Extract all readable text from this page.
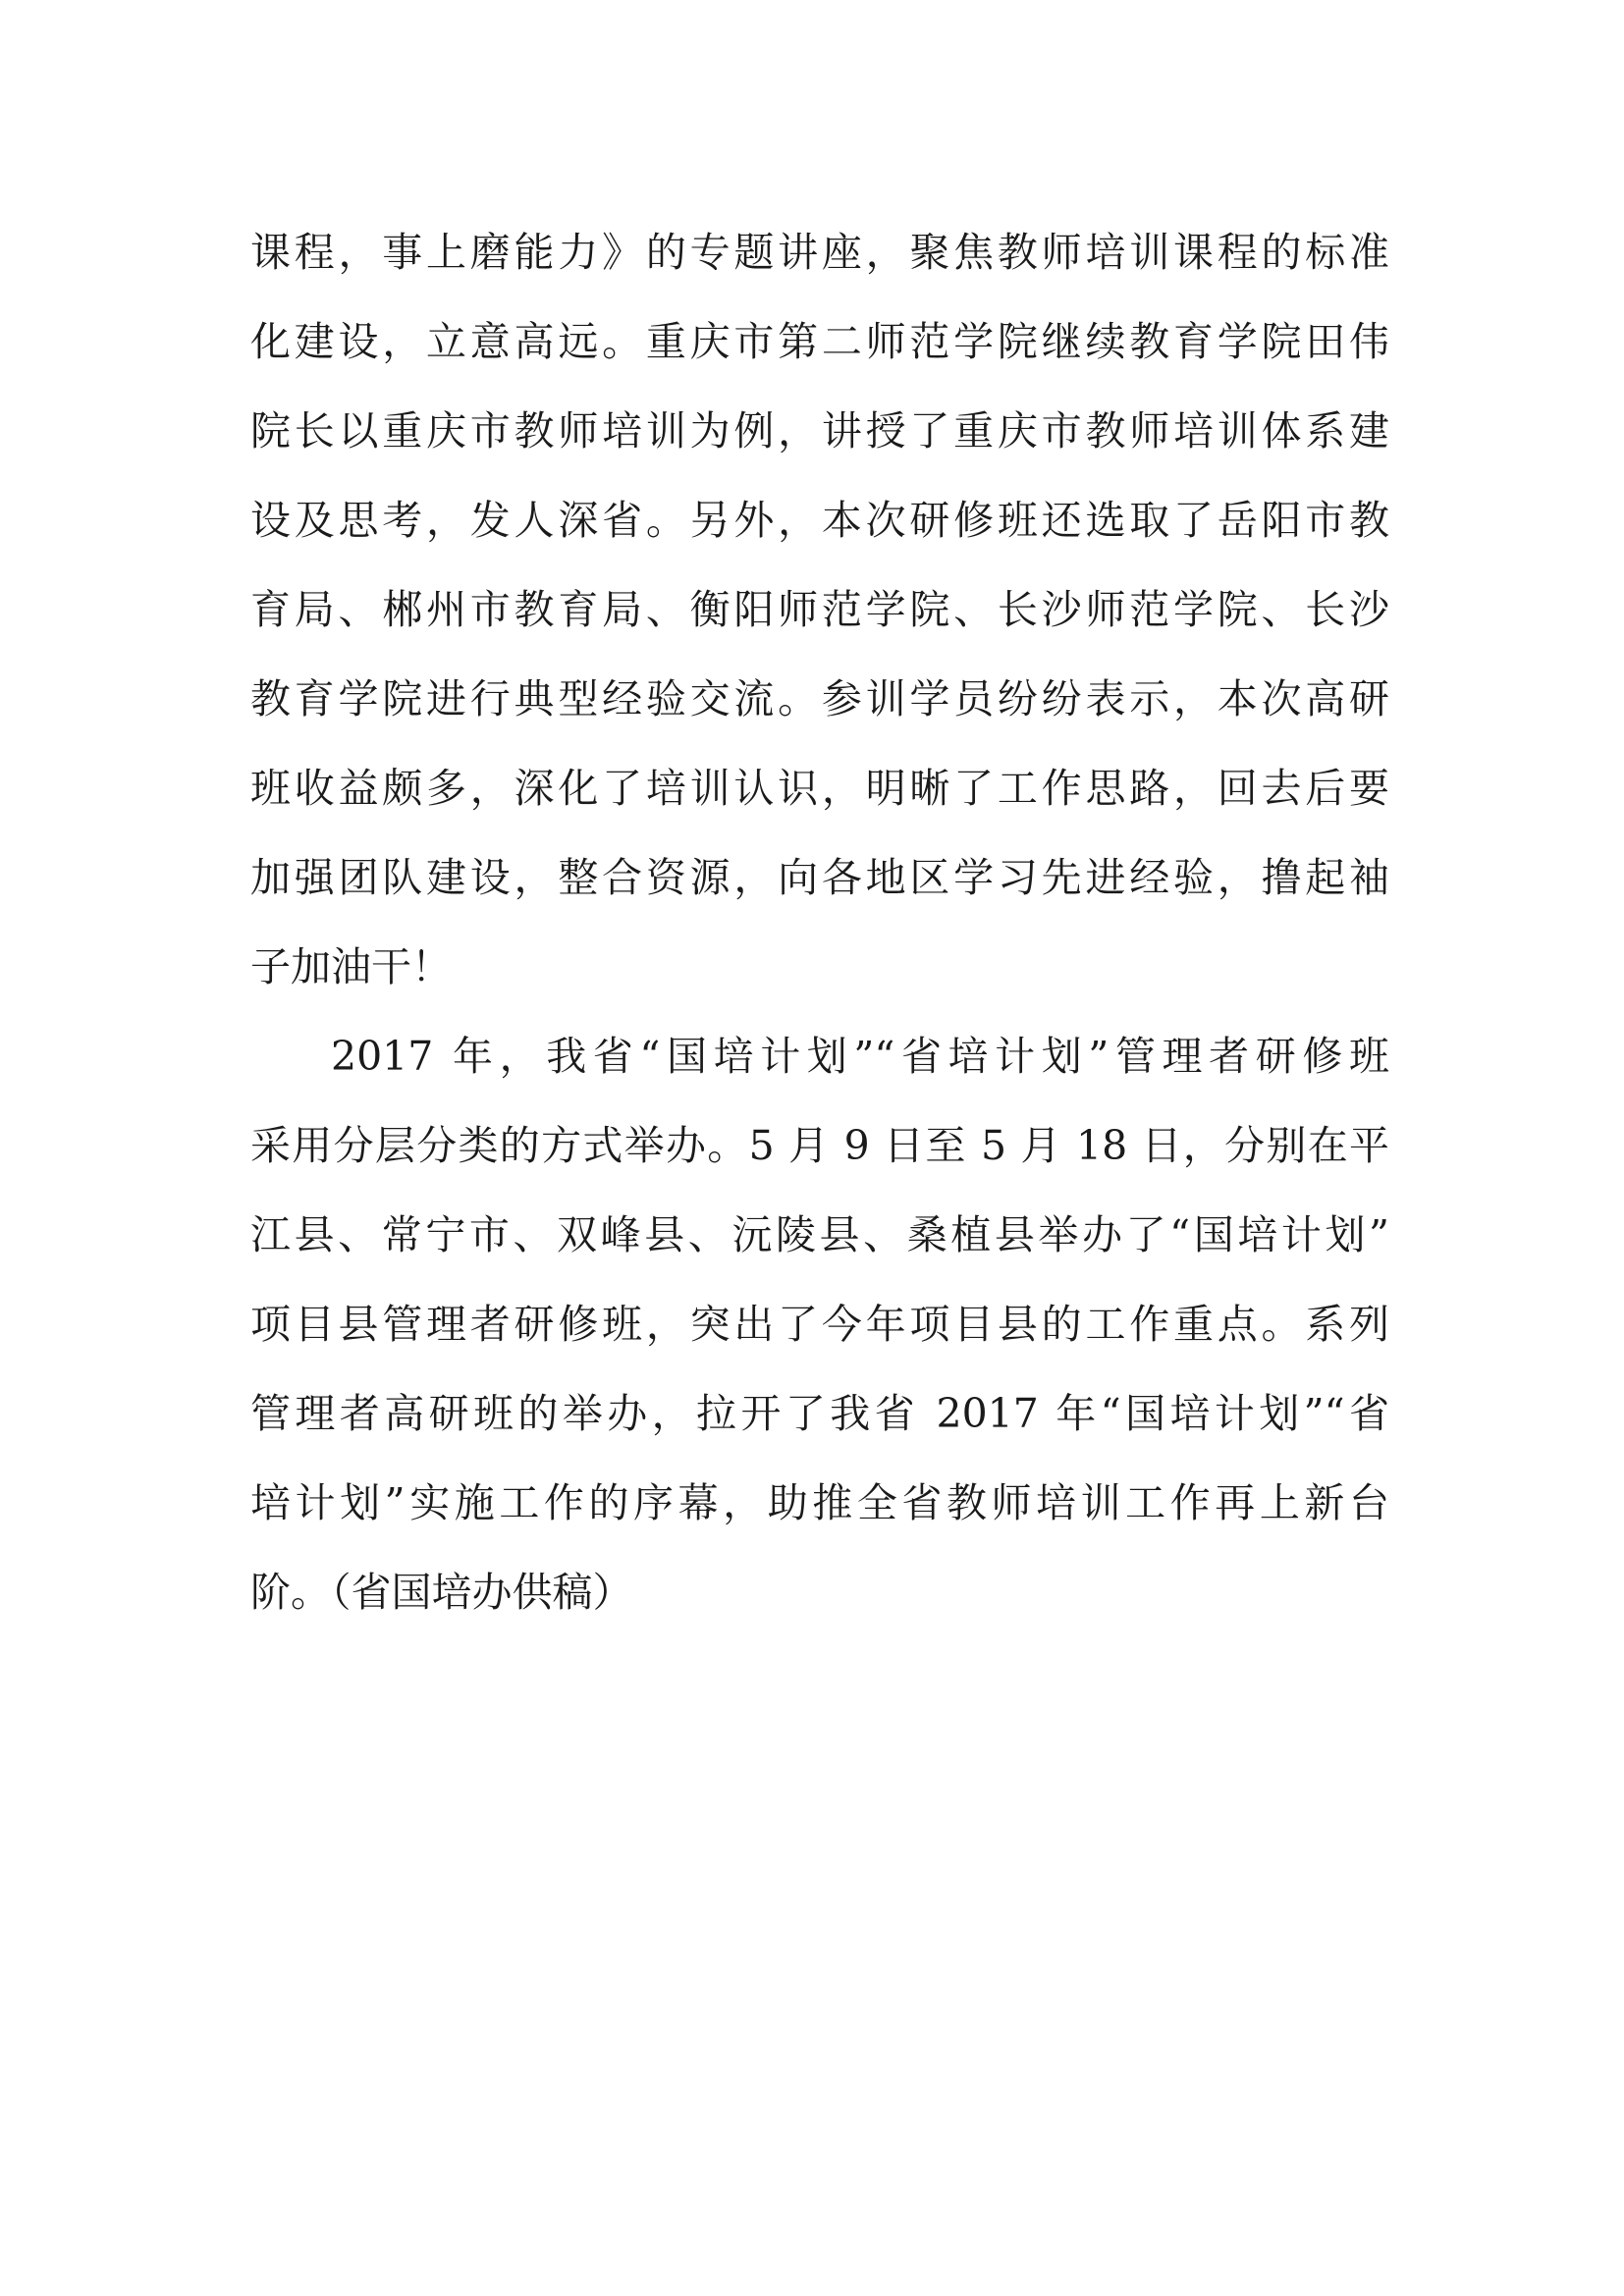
课程，事上磨能力》的专题讲座，聚焦教师培训课程的标准
化建设，立意高远。重庆市第二师范学院继续教育学院田伟
院长以重庆市教师培训为例，讲授了重庆市教师培训体系建
设及思考，发人深省。另外，本次研修班还选取了岳阳市教
育局、郴州市教育局、衡阳师范学院、长沙师范学院、长沙
教育学院进行典型经验交流。参训学员纷纷表示，本次高研
班收益颇多，深化了培训认识，明晰了工作思路，回去后要
加强团队建设，整合资源，向各地区学习先进经验，撸起袖
子加油干！
2017 年，我省“国培计划”“省培计划”管理者研修班
采用分层分类的方式举办。5 月 9 日至 5 月 18 日，分别在平
江县、常宁市、双峰县、沅陵县、桑植县举办了“国培计划”
项目县管理者研修班，突出了今年项目县的工作重点。系列
管理者高研班的举办，拉开了我省 2017 年“国培计划”“省
培计划”实施工作的序幕，助推全省教师培训工作再上新台
阶。（省国培办供稿）
